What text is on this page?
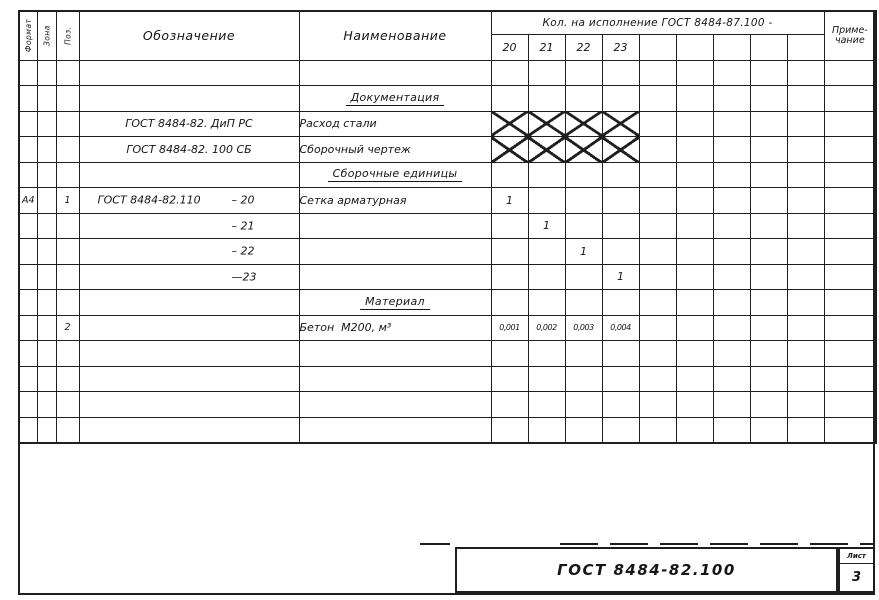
Формат	Зона	Поз.	Обозначение	Наименование	Кол. на исполнение ГОСТ 8484-87.100 -									Приме-
чание
					20	21	22	23						

				Документация										

			ГОСТ 8484-82. ДиП РС	Расход стали										

			ГОСТ 8484-82. 100 СБ	Сборочный чертеж										
				Сборочные единицы										
А4		1	ГОСТ 8484-82.110 – 20	Сетка арматурная	1									

			– 21			1								

			– 22				1							

			—23					1						
				Материал										
		2		Бетон  М200, м³	0,001	0,002	0,003	0,004						

ГОСТ 8484-82.100
Лист
3
